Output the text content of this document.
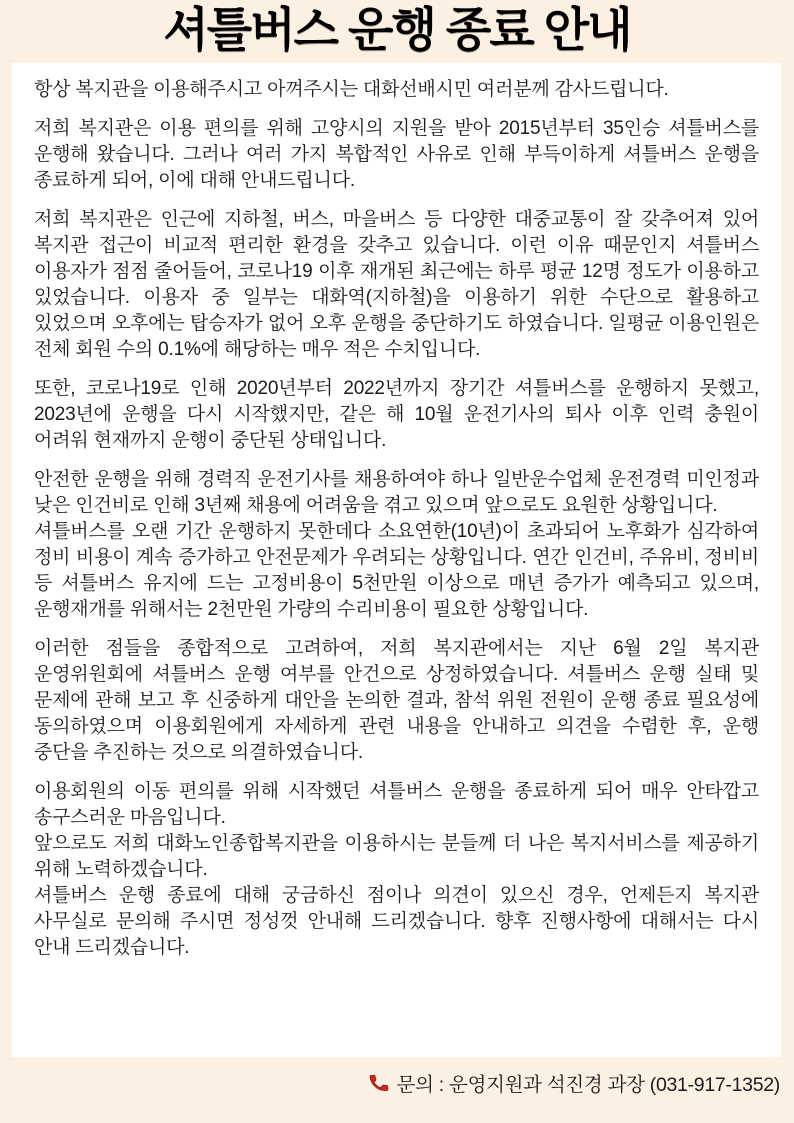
셔틀버스 운행 종료 안내
항상 복지관을 이용해주시고 아껴주시는 대화선배시민 여러분께 감사드립니다.
저희 복지관은 이용 편의를 위해 고양시의 지원을 받아 2015년부터 35인승 셔틀버스를 운행해 왔습니다. 그러나 여러 가지 복합적인 사유로 인해 부득이하게 셔틀버스 운행을 종료하게 되어, 이에 대해 안내드립니다.
저희 복지관은 인근에 지하철, 버스, 마을버스 등 다양한 대중교통이 잘 갖추어져 있어 복지관 접근이 비교적 편리한 환경을 갖추고 있습니다. 이런 이유 때문인지 셔틀버스 이용자가 점점 줄어들어, 코로나19 이후 재개된 최근에는 하루 평균 12명 정도가 이용하고 있었습니다. 이용자 중 일부는 대화역(지하철)을 이용하기 위한 수단으로 활용하고 있었으며 오후에는 탑승자가 없어 오후 운행을 중단하기도 하였습니다. 일평균 이용인원은 전체 회원 수의 0.1%에 해당하는 매우 적은 수치입니다.
또한, 코로나19로 인해 2020년부터 2022년까지 장기간 셔틀버스를 운행하지 못했고, 2023년에 운행을 다시 시작했지만, 같은 해 10월 운전기사의 퇴사 이후 인력 충원이 어려워 현재까지 운행이 중단된 상태입니다.
안전한 운행을 위해 경력직 운전기사를 채용하여야 하나 일반운수업체 운전경력 미인정과 낮은 인건비로 인해 3년째 채용에 어려움을 겪고 있으며 앞으로도 요원한 상황입니다.
셔틀버스를 오랜 기간 운행하지 못한데다 소요연한(10년)이 초과되어 노후화가 심각하여 정비 비용이 계속 증가하고 안전문제가 우려되는 상황입니다. 연간 인건비, 주유비, 정비비 등 셔틀버스 유지에 드는 고정비용이 5천만원 이상으로 매년 증가가 예측되고 있으며, 운행재개를 위해서는 2천만원 가량의 수리비용이 필요한 상황입니다.
이러한 점들을 종합적으로 고려하여, 저희 복지관에서는 지난 6월 2일 복지관 운영위원회에 셔틀버스 운행 여부를 안건으로 상정하였습니다. 셔틀버스 운행 실태 및 문제에 관해 보고 후 신중하게 대안을 논의한 결과, 참석 위원 전원이 운행 종료 필요성에 동의하였으며 이용회원에게 자세하게 관련 내용을 안내하고 의견을 수렴한 후, 운행 중단을 추진하는 것으로 의결하였습니다.
이용회원의 이동 편의를 위해 시작했던 셔틀버스 운행을 종료하게 되어 매우 안타깝고 송구스러운 마음입니다.
앞으로도 저희 대화노인종합복지관을 이용하시는 분들께 더 나은 복지서비스를 제공하기 위해 노력하겠습니다.
셔틀버스 운행 종료에 대해 궁금하신 점이나 의견이 있으신 경우, 언제든지 복지관 사무실로 문의해 주시면 정성껏 안내해 드리겠습니다. 향후 진행사항에 대해서는 다시 안내 드리겠습니다.
문의 : 운영지원과 석진경 과장 (031-917-1352)
